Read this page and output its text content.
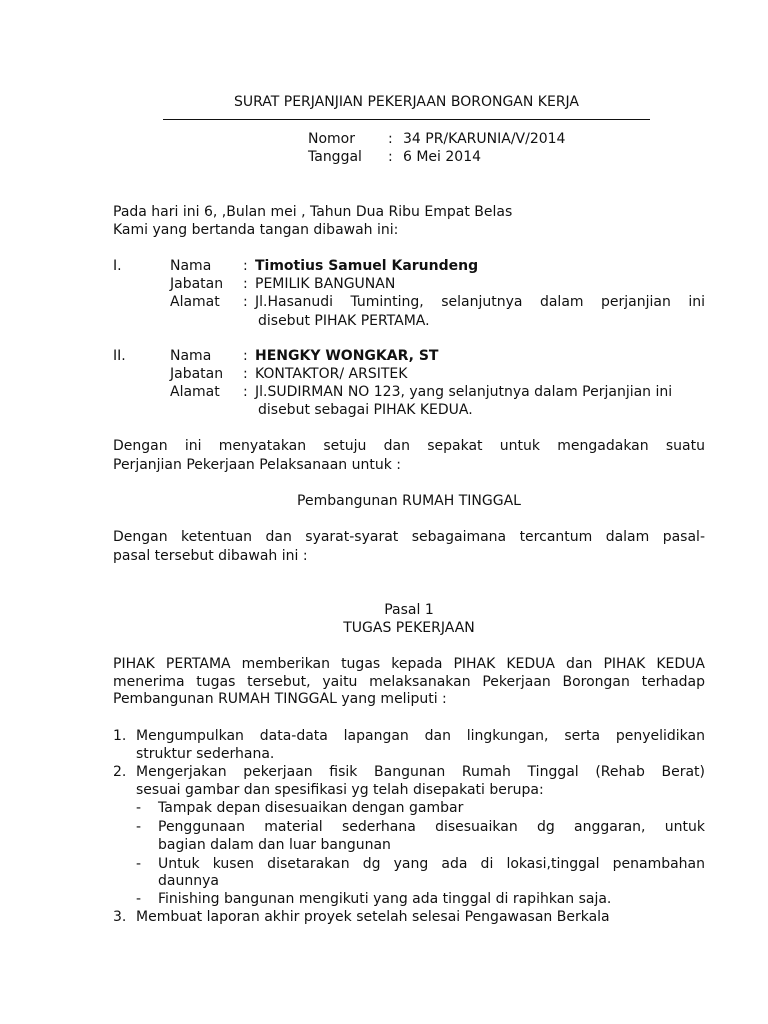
SURAT PERJANJIAN PEKERJAAN BORONGAN KERJA
Nomor : 34 PR/KARUNIA/V/2014
Tanggal : 6 Mei 2014
Pada hari ini 6, ,Bulan mei , Tahun Dua Ribu Empat Belas
Kami yang bertanda tangan dibawah ini:
I.	Nama : Timotius Samuel Karundeng
Jabatan : PEMILIK BANGUNAN
Alamat : Jl.Hasanudi Tuminting, selanjutnya dalam perjanjian ini
disebut PIHAK PERTAMA.
II.	Nama : HENGKY WONGKAR, ST
Jabatan : KONTAKTOR/ ARSITEK
Alamat : Jl.SUDIRMAN NO 123, yang selanjutnya dalam Perjanjian ini
disebut sebagai PIHAK KEDUA.
Dengan ini menyatakan setuju dan sepakat untuk mengadakan suatu
Perjanjian Pekerjaan Pelaksanaan untuk :
Pembangunan RUMAH TINGGAL
Dengan ketentuan dan syarat-syarat sebagaimana tercantum dalam pasal-
pasal tersebut dibawah ini :
Pasal 1
TUGAS PEKERJAAN
PIHAK PERTAMA memberikan tugas kepada PIHAK KEDUA dan PIHAK KEDUA
menerima tugas tersebut, yaitu melaksanakan Pekerjaan Borongan terhadap
Pembangunan RUMAH TINGGAL yang meliputi :
1. Mengumpulkan data-data lapangan dan lingkungan, serta penyelidikan
struktur sederhana.
2. Mengerjakan pekerjaan fisik Bangunan Rumah Tinggal (Rehab Berat)
sesuai gambar dan spesifikasi yg telah disepakati berupa:
- Tampak depan disesuaikan dengan gambar
- Penggunaan material sederhana disesuaikan dg anggaran, untuk
bagian dalam dan luar bangunan
- Untuk kusen disetarakan dg yang ada di lokasi,tinggal penambahan
daunnya
- Finishing bangunan mengikuti yang ada tinggal di rapihkan saja.
3. Membuat laporan akhir proyek setelah selesai Pengawasan Berkala
